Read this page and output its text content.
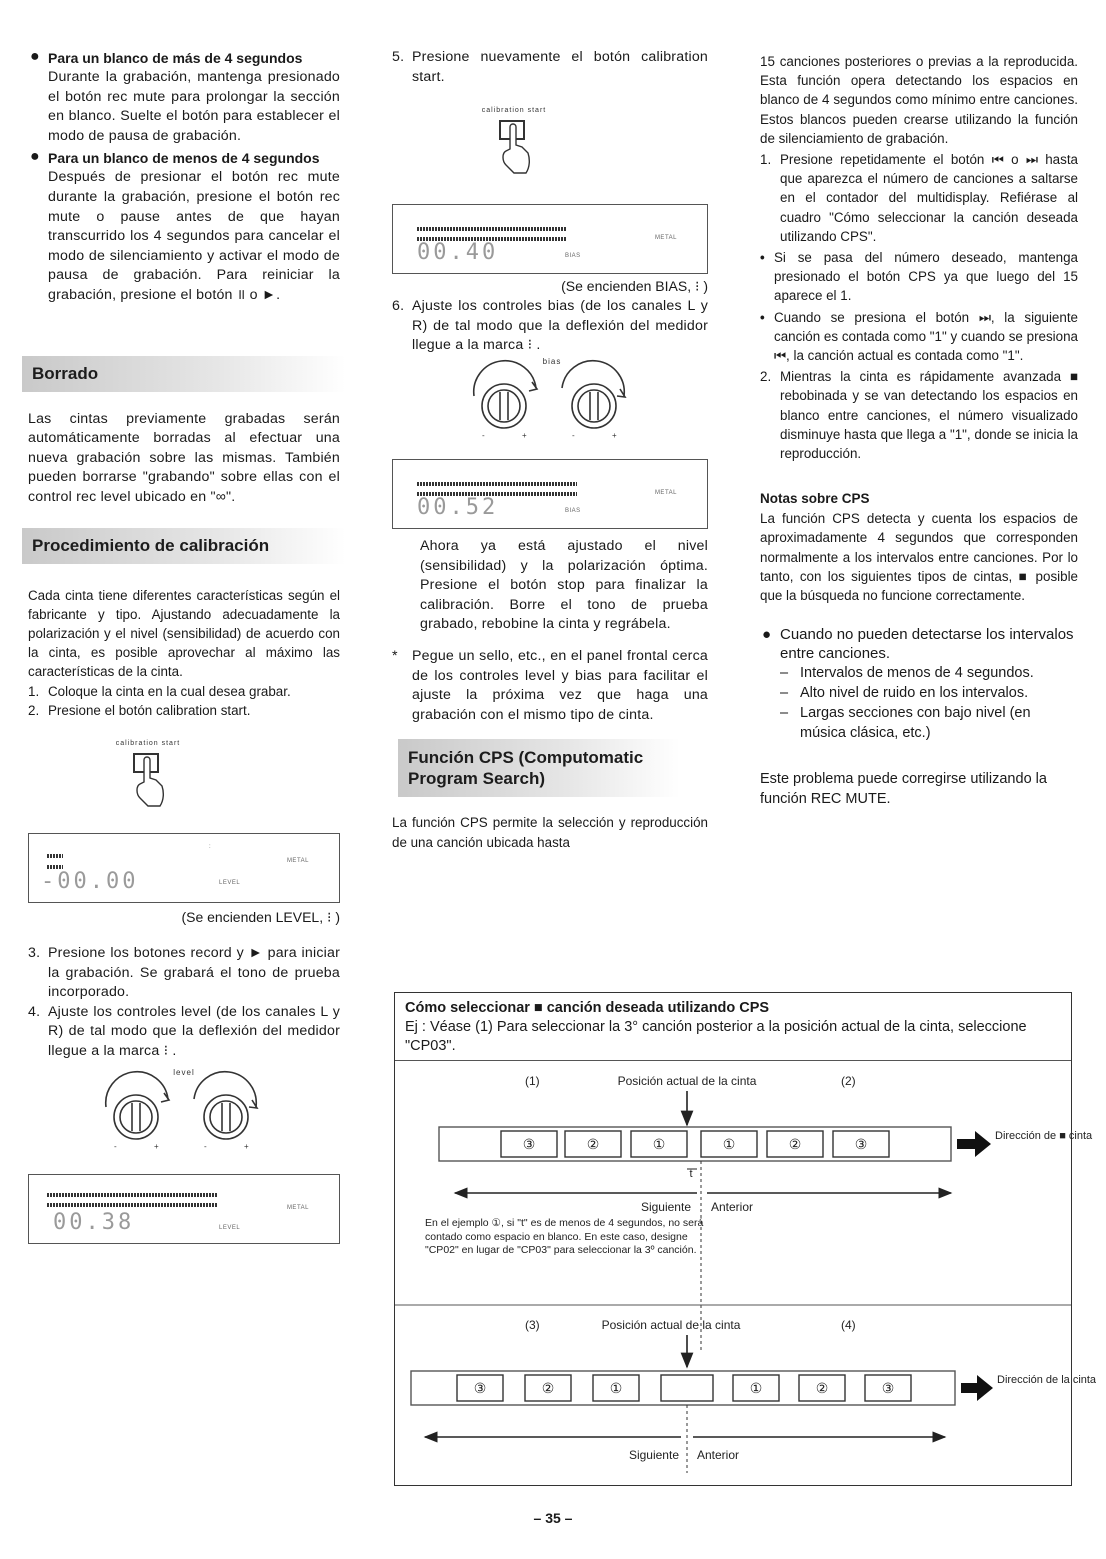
● Para un blanco de más de 4 segundos

Durante la grabación, mantenga presionado el botón rec mute para prolongar la sección en blanco. Suelte el botón para establecer el modo de pausa de grabación.

● Para un blanco de menos de 4 segundos

Después de presionar el botón rec mute durante la grabación, presione el botón rec mute o pause antes de que hayan transcurrido los 4 segundos para cancelar el modo de silenciamiento y activar el modo de pausa de grabación. Para reiniciar la grabación, presione el botón ॥ o ►.

Borrado

Las cintas previamente grabadas serán automáticamente borradas al efectuar una nueva grabación sobre las mismas. También pueden borrarse "grabando" sobre ellas con el control rec level ubicado en "∞".

Procedimiento de calibración

Cada cinta tiene diferentes características según el fabricante y tipo. Ajustando adecuadamente la polarización y el nivel (sensibilidad) de acuerdo con la cinta, es posible aprovechar al máximo las características de la cinta.

1. Coloque la cinta en la cual desea grabar.
2. Presione el botón calibration start.
calibration start
:
METAL
LEVEL
-00.00
(Se encienden LEVEL, ⁝ )
3. Presione los botones record y ► para iniciar la grabación. Se grabará el tono de prueba incorporado.
4. Ajuste los controles level (de los canales L y R) de tal modo que la deflexión del medidor llegue a la marca ⁝ .
level
-	+	-	+
METAL
LEVEL
00.38
5. Presione nuevamente el botón calibration start.
calibration start
METAL
BIAS
00.40
(Se encienden BIAS, ⁝ )
6. Ajuste los controles bias (de los canales L y R) de tal modo que la deflexión del medidor llegue a la marca ⁝ .
bias
-	+	-	+
METAL
BIAS
00.52

Ahora ya está ajustado el nivel (sensibilidad) y la polarización óptima. Presione el botón stop para finalizar la calibración. Borre el tono de prueba grabado, rebobine la cinta y regrábela.

* Pegue un sello, etc., en el panel frontal cerca de los controles level y bias para facilitar el ajuste la próxima vez que haga una grabación con el mismo tipo de cinta.
Función CPS (Computomatic Program Search)

La función CPS permite la selección y reproducción de una canción ubicada hasta

15 canciones posteriores o previas a la reproducida. Esta función opera detectando los espacios en blanco de 4 segundos como mínimo entre canciones. Estos blancos pueden crearse utilizando la función de silenciamiento de grabación.

1. Presione repetidamente el botón ⏮ o ⏭ hasta que aparezca el número de canciones a saltarse en el contador del multidisplay. Refiérase al cuadro "Cómo seleccionar la canción deseada utilizando CPS".
• Si se pasa del número deseado, mantenga presionado el botón CPS ya que luego del 15 aparece el 1.
• Cuando se presiona el botón ⏭, la siguiente canción es contada como "1" y cuando se presiona ⏮, la canción actual es contada como "1".
2. Mientras la cinta es rápidamente avanzada ■ rebobinada y se van detectando los espacios en blanco entre canciones, el número visualizado disminuye hasta que llega a "1", donde se inicia la reproducción.
Notas sobre CPS

La función CPS detecta y cuenta los espacios de aproximadamente 4 segundos que corresponden normalmente a los intervalos entre canciones. Por lo tanto, con los siguientes tipos de cintas, ■ posible que la búsqueda no funcione correctamente.

● Cuando no pueden detectarse los intervalos entre canciones.
– Intervalos de menos de 4 segundos.
– Alto nivel de ruido en los intervalos.
– Largas secciones con bajo nivel (en música clásica, etc.)

Este problema puede corregirse utilizando la función REC MUTE.

Cómo seleccionar ■ canción deseada utilizando CPS
Ej : Véase (1) Para seleccionar la 3° canción posterior a la posición actual de la cinta, seleccione "CP03".
(1)	Posición actual de la cinta	(2)
③	②	①	①	②	③	Dirección de ■ cinta
t
Siguiente Anterior
En el ejemplo ①, si "t" es de menos de 4 segundos, no será contado como espacio en blanco. En este caso, designe "CP02" en lugar de "CP03" para seleccionar la 3º canción.
(3)	Posición actual de la cinta	(4)
③	②	①	①	②	③	Dirección de la cinta
Siguiente Anterior
– 35 –
